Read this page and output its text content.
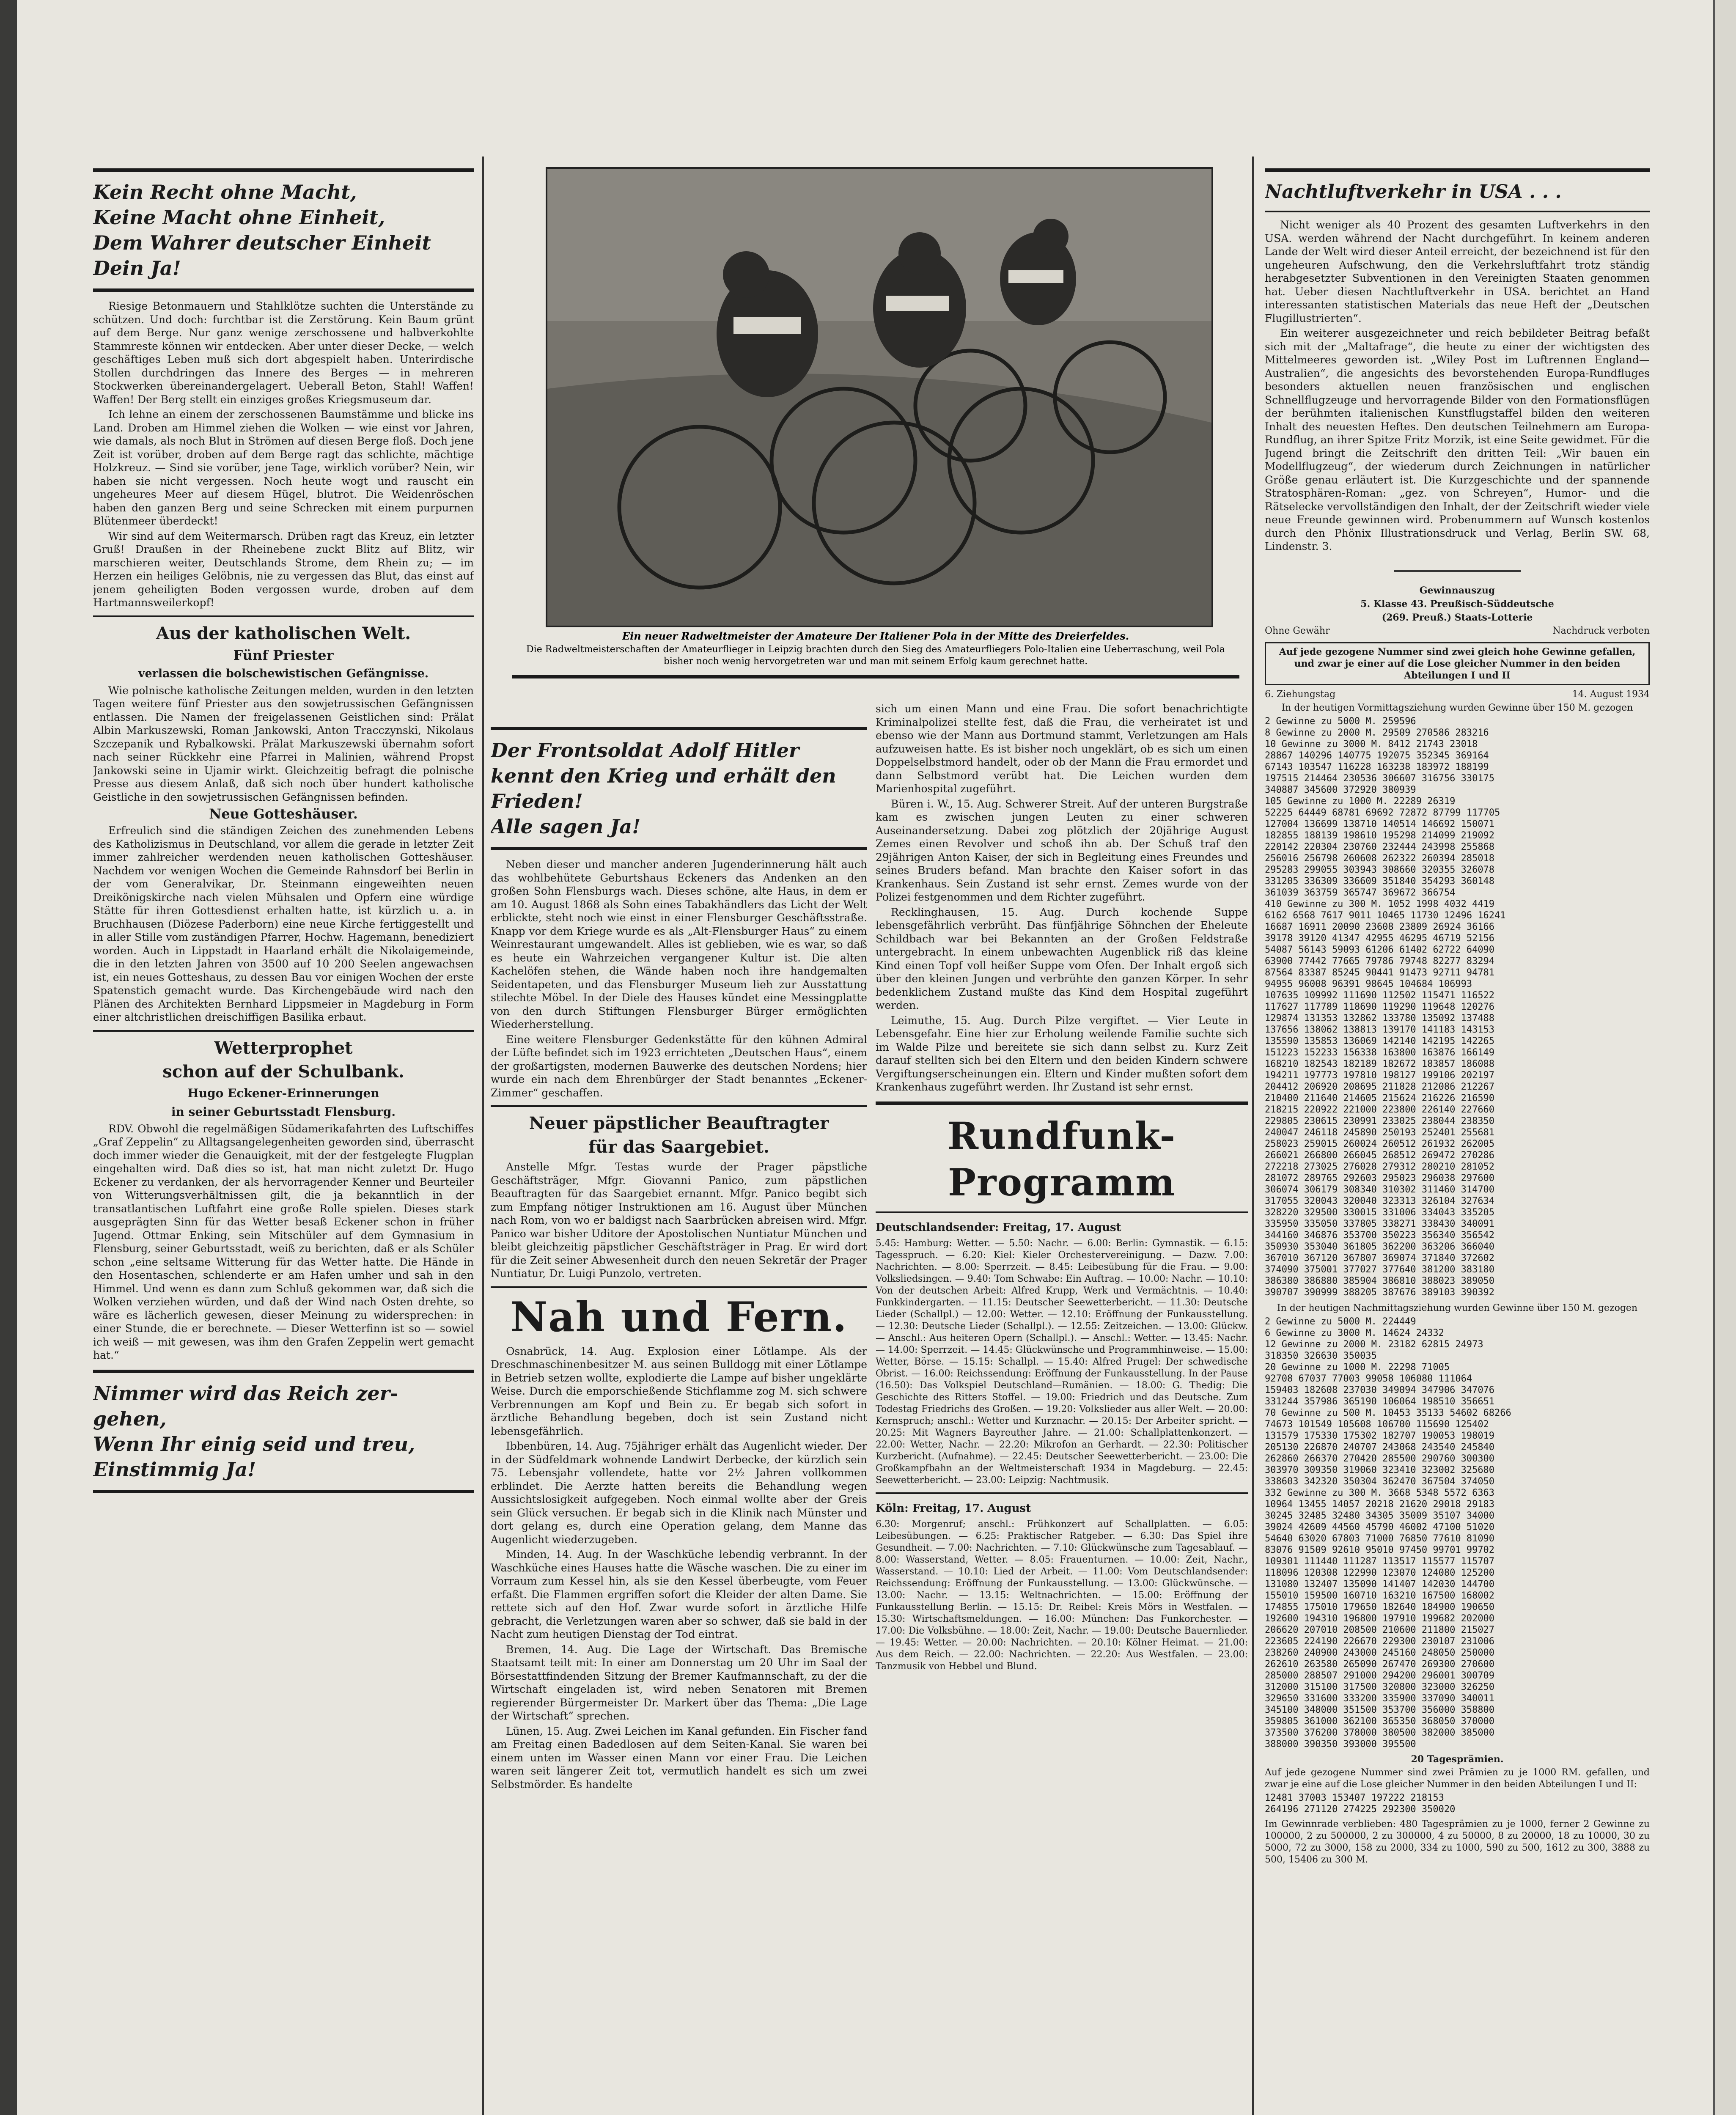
Kein Recht ohne Macht,

Keine Macht ohne Einheit,

Dem Wahrer deutscher Einheit

Dein Ja!

Riesige Betonmauern und Stahlklötze suchten die Unterstände zu schützen. Und doch: furchtbar ist die Zerstörung. Kein Baum grünt auf dem Berge. Nur ganz wenige zerschossene und halbverkohlte Stammreste können wir entdecken. Aber unter dieser Decke, — welch geschäftiges Leben muß sich dort abgespielt haben. Unterirdische Stollen durchdringen das Innere des Berges — in mehreren Stockwerken übereinandergelagert. Ueberall Beton, Stahl! Waffen! Waffen! Der Berg stellt ein einziges großes Kriegsmuseum dar.

Ich lehne an einem der zerschossenen Baumstämme und blicke ins Land. Droben am Himmel ziehen die Wolken — wie einst vor Jahren, wie damals, als noch Blut in Strömen auf diesen Berge floß. Doch jene Zeit ist vorüber, droben auf dem Berge ragt das schlichte, mächtige Holzkreuz. — Sind sie vorüber, jene Tage, wirklich vorüber? Nein, wir haben sie nicht vergessen. Noch heute wogt und rauscht ein ungeheures Meer auf diesem Hügel, blutrot. Die Weidenröschen haben den ganzen Berg und seine Schrecken mit einem purpurnen Blütenmeer überdeckt!

Wir sind auf dem Weitermarsch. Drüben ragt das Kreuz, ein letzter Gruß! Draußen in der Rheinebene zuckt Blitz auf Blitz, wir marschieren weiter, Deutschlands Strome, dem Rhein zu; — im Herzen ein heiliges Gelöbnis, nie zu vergessen das Blut, das einst auf jenem geheiligten Boden vergossen wurde, droben auf dem Hartmannsweilerkopf!

Aus der katholischen Welt.
Fünf Priester
verlassen die bolschewistischen Gefängnisse.

Wie polnische katholische Zeitungen melden, wurden in den letzten Tagen weitere fünf Priester aus den sowjetrussischen Gefängnissen entlassen. Die Namen der freigelassenen Geistlichen sind: Prälat Albin Markuszewski, Roman Jankowski, Anton Tracczynski, Nikolaus Szczepanik und Rybalkowski. Prälat Markuszewski übernahm sofort nach seiner Rückkehr eine Pfarrei in Malinien, während Propst Jankowski seine in Ujamir wirkt. Gleichzeitig befragt die polnische Presse aus diesem Anlaß, daß sich noch über hundert katholische Geistliche in den sowjetrussischen Gefängnissen befinden.

Neue Gotteshäuser.

Erfreulich sind die ständigen Zeichen des zunehmenden Lebens des Katholizismus in Deutschland, vor allem die gerade in letzter Zeit immer zahlreicher werdenden neuen katholischen Gotteshäuser. Nachdem vor wenigen Wochen die Gemeinde Rahnsdorf bei Berlin in der vom Generalvikar, Dr. Steinmann eingeweihten neuen Dreikönigskirche nach vielen Mühsalen und Opfern eine würdige Stätte für ihren Gottesdienst erhalten hatte, ist kürzlich u. a. in Bruchhausen (Diözese Paderborn) eine neue Kirche fertiggestellt und in aller Stille vom zuständigen Pfarrer, Hochw. Hagemann, benediziert worden. Auch in Lippstadt in Haarland erhält die Nikolaigemeinde, die in den letzten Jahren von 3500 auf 10 200 Seelen angewachsen ist, ein neues Gotteshaus, zu dessen Bau vor einigen Wochen der erste Spatenstich gemacht wurde. Das Kirchengebäude wird nach den Plänen des Architekten Bernhard Lippsmeier in Magdeburg in Form einer altchristlichen dreischiffigen Basilika erbaut.

Wetterprophet
schon auf der Schulbank.
Hugo Eckener-Erinnerungen
in seiner Geburtsstadt Flensburg.

RDV. Obwohl die regelmäßigen Südamerikafahrten des Luftschiffes „Graf Zeppelin“ zu Alltagsangelegenheiten geworden sind, überrascht doch immer wieder die Genauigkeit, mit der der festgelegte Flugplan eingehalten wird. Daß dies so ist, hat man nicht zuletzt Dr. Hugo Eckener zu verdanken, der als hervorragender Kenner und Beurteiler von Witterungsverhältnissen gilt, die ja bekanntlich in der transatlantischen Luftfahrt eine große Rolle spielen. Dieses stark ausgeprägten Sinn für das Wetter besaß Eckener schon in früher Jugend. Ottmar Enking, sein Mitschüler auf dem Gymnasium in Flensburg, seiner Geburtsstadt, weiß zu berichten, daß er als Schüler schon „eine seltsame Witterung für das Wetter hatte. Die Hände in den Hosentaschen, schlenderte er am Hafen umher und sah in den Himmel. Und wenn es dann zum Schluß gekommen war, daß sich die Wolken verziehen würden, und daß der Wind nach Osten drehte, so wäre es lächerlich gewesen, dieser Meinung zu widersprechen: in einer Stunde, die er berechnete. — Dieser Wetterfinn ist so — sowiel ich weiß — mit gewesen, was ihm den Grafen Zeppelin wert gemacht hat.“

Nimmer wird das Reich zer-

gehen,

Wenn Ihr einig seid und treu,

Einstimmig Ja!

Ein neuer Radweltmeister der Amateure Der Italiener Pola in der Mitte des Dreierfeldes.
Die Radweltmeisterschaften der Amateurflieger in Leipzig brachten durch den Sieg des Amateurfliegers Polo-Italien eine Ueberraschung, weil Pola bisher noch wenig hervorgetreten war und man mit seinem Erfolg kaum gerechnet hatte.

Der Frontsoldat Adolf Hitler

kennt den Krieg und erhält den

Frieden!

Alle sagen Ja!

Neben dieser und mancher anderen Jugenderinnerung hält auch das wohlbehütete Geburtshaus Eckeners das Andenken an den großen Sohn Flensburgs wach. Dieses schöne, alte Haus, in dem er am 10. August 1868 als Sohn eines Tabakhändlers das Licht der Welt erblickte, steht noch wie einst in einer Flensburger Geschäftsstraße. Knapp vor dem Kriege wurde es als „Alt-Flensburger Haus“ zu einem Weinrestaurant umgewandelt. Alles ist geblieben, wie es war, so daß es heute ein Wahrzeichen vergangener Kultur ist. Die alten Kachelöfen stehen, die Wände haben noch ihre handgemalten Seidentapeten, und das Flensburger Museum lieh zur Ausstattung stilechte Möbel. In der Diele des Hauses kündet eine Messingplatte von den durch Stiftungen Flensburger Bürger ermöglichten Wiederherstellung.

Eine weitere Flensburger Gedenkstätte für den kühnen Admiral der Lüfte befindet sich im 1923 errichteten „Deutschen Haus“, einem der großartigsten, modernen Bauwerke des deutschen Nordens; hier wurde ein nach dem Ehrenbürger der Stadt benanntes „Eckener-Zimmer“ geschaffen.

Neuer päpstlicher Beauftragter
für das Saargebiet.

Anstelle Mfgr. Testas wurde der Prager päpstliche Geschäftsträger, Mfgr. Giovanni Panico, zum päpstlichen Beauftragten für das Saargebiet ernannt. Mfgr. Panico begibt sich zum Empfang nötiger Instruktionen am 16. August über München nach Rom, von wo er baldigst nach Saarbrücken abreisen wird. Mfgr. Panico war bisher Uditore der Apostolischen Nuntiatur München und bleibt gleichzeitig päpstlicher Geschäftsträger in Prag. Er wird dort für die Zeit seiner Abwesenheit durch den neuen Sekretär der Prager Nuntiatur, Dr. Luigi Punzolo, vertreten.

Nah und Fern.

Osnabrück, 14. Aug. Explosion einer Lötlampe. Als der Dreschmaschinenbesitzer M. aus seinen Bulldogg mit einer Lötlampe in Betrieb setzen wollte, explodierte die Lampe auf bisher ungeklärte Weise. Durch die emporschießende Stichflamme zog M. sich schwere Verbrennungen am Kopf und Bein zu. Er begab sich sofort in ärztliche Behandlung begeben, doch ist sein Zustand nicht lebensgefährlich.

Ibbenbüren, 14. Aug. 75jähriger erhält das Augenlicht wieder. Der in der Südfeldmark wohnende Landwirt Derbecke, der kürzlich sein 75. Lebensjahr vollendete, hatte vor 2½ Jahren vollkommen erblindet. Die Aerzte hatten bereits die Behandlung wegen Aussichtslosigkeit aufgegeben. Noch einmal wollte aber der Greis sein Glück versuchen. Er begab sich in die Klinik nach Münster und dort gelang es, durch eine Operation gelang, dem Manne das Augenlicht wiederzugeben.

Minden, 14. Aug. In der Waschküche lebendig verbrannt. In der Waschküche eines Hauses hatte die Wäsche waschen. Die zu einer im Vorraum zum Kessel hin, als sie den Kessel überbeugte, vom Feuer erfaßt. Die Flammen ergriffen sofort die Kleider der alten Dame. Sie rettete sich auf den Hof. Zwar wurde sofort in ärztliche Hilfe gebracht, die Verletzungen waren aber so schwer, daß sie bald in der Nacht zum heutigen Dienstag der Tod eintrat.

Bremen, 14. Aug. Die Lage der Wirtschaft. Das Bremische Staatsamt teilt mit: In einer am Donnerstag um 20 Uhr im Saal der Börsestattfindenden Sitzung der Bremer Kaufmannschaft, zu der die Wirtschaft eingeladen ist, wird neben Senatoren mit Bremen regierender Bürgermeister Dr. Markert über das Thema: „Die Lage der Wirtschaft“ sprechen.

Lünen, 15. Aug. Zwei Leichen im Kanal gefunden. Ein Fischer fand am Freitag einen Badedlosen auf dem Seiten-Kanal. Sie waren bei einem unten im Wasser einen Mann vor einer Frau. Die Leichen waren seit längerer Zeit tot, vermutlich handelt es sich um zwei Selbstmörder. Es handelte

sich um einen Mann und eine Frau. Die sofort benachrichtigte Kriminalpolizei stellte fest, daß die Frau, die verheiratet ist und ebenso wie der Mann aus Dortmund stammt, Verletzungen am Hals aufzuweisen hatte. Es ist bisher noch ungeklärt, ob es sich um einen Doppelselbstmord handelt, oder ob der Mann die Frau ermordet und dann Selbstmord verübt hat. Die Leichen wurden dem Marienhospital zugeführt.

Büren i. W., 15. Aug. Schwerer Streit. Auf der unteren Burgstraße kam es zwischen jungen Leuten zu einer schweren Auseinandersetzung. Dabei zog plötzlich der 20jährige August Zemes einen Revolver und schoß ihn ab. Der Schuß traf den 29jährigen Anton Kaiser, der sich in Begleitung eines Freundes und seines Bruders befand. Man brachte den Kaiser sofort in das Krankenhaus. Sein Zustand ist sehr ernst. Zemes wurde von der Polizei festgenommen und dem Richter zugeführt.

Recklinghausen, 15. Aug. Durch kochende Suppe lebensgefährlich verbrüht. Das fünfjährige Söhnchen der Eheleute Schildbach war bei Bekannten an der Großen Feldstraße untergebracht. In einem unbewachten Augenblick riß das kleine Kind einen Topf voll heißer Suppe vom Ofen. Der Inhalt ergoß sich über den kleinen Jungen und verbrühte den ganzen Körper. In sehr bedenklichem Zustand mußte das Kind dem Hospital zugeführt werden.

Leimuthe, 15. Aug. Durch Pilze vergiftet. — Vier Leute in Lebensgefahr. Eine hier zur Erholung weilende Familie suchte sich im Walde Pilze und bereitete sie sich dann selbst zu. Kurz Zeit darauf stellten sich bei den Eltern und den beiden Kindern schwere Vergiftungserscheinungen ein. Eltern und Kinder mußten sofort dem Krankenhaus zugeführt werden. Ihr Zustand ist sehr ernst.

Rundfunk-Programm
Deutschlandsender: Freitag, 17. August

5.45: Hamburg: Wetter. — 5.50: Nachr. — 6.00: Berlin: Gymnastik. — 6.15: Tagesspruch. — 6.20: Kiel: Kieler Orchestervereinigung. — Dazw. 7.00: Nachrichten. — 8.00: Sperrzeit. — 8.45: Leibesübung für die Frau. — 9.00: Volksliedsingen. — 9.40: Tom Schwabe: Ein Auftrag. — 10.00: Nachr. — 10.10: Von der deutschen Arbeit: Alfred Krupp, Werk und Vermächtnis. — 10.40: Funkkindergarten. — 11.15: Deutscher Seewetterbericht. — 11.30: Deutsche Lieder (Schallpl.) — 12.00: Wetter. — 12.10: Eröffnung der Funkausstellung. — 12.30: Deutsche Lieder (Schallpl.). — 12.55: Zeitzeichen. — 13.00: Glückw. — Anschl.: Aus heiteren Opern (Schallpl.). — Anschl.: Wetter. — 13.45: Nachr. — 14.00: Sperrzeit. — 14.45: Glückwünsche und Programmhinweise. — 15.00: Wetter, Börse. — 15.15: Schallpl. — 15.40: Alfred Prugel: Der schwedische Obrist. — 16.00: Reichssendung: Eröffnung der Funkausstellung. In der Pause (16.50): Das Volkspiel Deutschland—Rumänien. — 18.00: G. Thedig: Die Geschichte des Ritters Stoffel. — 19.00: Friedrich und das Deutsche. Zum Todestag Friedrichs des Großen. — 19.20: Volkslieder aus aller Welt. — 20.00: Kernspruch; anschl.: Wetter und Kurznachr. — 20.15: Der Arbeiter spricht. — 20.25: Mit Wagners Bayreuther Jahre. — 21.00: Schallplattenkonzert. — 22.00: Wetter, Nachr. — 22.20: Mikrofon an Gerhardt. — 22.30: Politischer Kurzbericht. (Aufnahme). — 22.45: Deutscher Seewetterbericht. — 23.00: Die Großkampfbahn an der Weltmeisterschaft 1934 in Magdeburg. — 22.45: Seewetterbericht. — 23.00: Leipzig: Nachtmusik.

Köln: Freitag, 17. August

6.30: Morgenruf; anschl.: Frühkonzert auf Schallplatten. — 6.05: Leibesübungen. — 6.25: Praktischer Ratgeber. — 6.30: Das Spiel ihre Gesundheit. — 7.00: Nachrichten. — 7.10: Glückwünsche zum Tagesablauf. — 8.00: Wasserstand, Wetter. — 8.05: Frauenturnen. — 10.00: Zeit, Nachr., Wasserstand. — 10.10: Lied der Arbeit. — 11.00: Vom Deutschlandsender: Reichssendung: Eröffnung der Funkausstellung. — 13.00: Glückwünsche. — 13.00: Nachr. — 13.15: Weltnachrichten. — 15.00: Eröffnung der Funkausstellung Berlin. — 15.15: Dr. Reibel: Kreis Mörs in Westfalen. — 15.30: Wirtschaftsmeldungen. — 16.00: München: Das Funkorchester. — 17.00: Die Volksbühne. — 18.00: Zeit, Nachr. — 19.00: Deutsche Bauernlieder. — 19.45: Wetter. — 20.00: Nachrichten. — 20.10: Kölner Heimat. — 21.00: Aus dem Reich. — 22.00: Nachrichten. — 22.20: Aus Westfalen. — 23.00: Tanzmusik von Hebbel und Blund.

Nachtluftverkehr in USA . . .

Nicht weniger als 40 Prozent des gesamten Luftverkehrs in den USA. werden während der Nacht durchgeführt. In keinem anderen Lande der Welt wird dieser Anteil erreicht, der bezeichnend ist für den ungeheuren Aufschwung, den die Verkehrsluftfahrt trotz ständig herabgesetzter Subventionen in den Vereinigten Staaten genommen hat. Ueber diesen Nachtluftverkehr in USA. berichtet an Hand interessanten statistischen Materials das neue Heft der „Deutschen Flugillustrierten“.

Ein weiterer ausgezeichneter und reich bebildeter Beitrag befaßt sich mit der „Maltafrage“, die heute zu einer der wichtigsten des Mittelmeeres geworden ist. „Wiley Post im Luftrennen England—Australien“, die angesichts des bevorstehenden Europa-Rundfluges besonders aktuellen neuen französischen und englischen Schnellflugzeuge und hervorragende Bilder von den Formationsflügen der berühmten italienischen Kunstflugstaffel bilden den weiteren Inhalt des neuesten Heftes. Den deutschen Teilnehmern am Europa-Rundflug, an ihrer Spitze Fritz Morzik, ist eine Seite gewidmet. Für die Jugend bringt die Zeitschrift den dritten Teil: „Wir bauen ein Modellflugzeug“, der wiederum durch Zeichnungen in natürlicher Größe genau erläutert ist. Die Kurzgeschichte und der spannende Stratosphären-Roman: „gez. von Schreyen“, Humor- und die Rätselecke vervollständigen den Inhalt, der der Zeitschrift wieder viele neue Freunde gewinnen wird. Probenummern auf Wunsch kostenlos durch den Phönix Illustrationsdruck und Verlag, Berlin SW. 68, Lindenstr. 3.

Gewinnauszug
5. Klasse 43. Preußisch-Süddeutsche
(269. Preuß.) Staats-Lotterie
Ohne Gewähr	Nachdruck verboten
Auf jede gezogene Nummer sind zwei gleich hohe Gewinne gefallen, und zwar je einer auf die Lose gleicher Nummer in den beiden Abteilungen I und II
6. Ziehungstag	14. August 1934
In der heutigen Vormittagsziehung wurden Gewinne über 150 M. gezogen
2 Gewinne zu 5000 M. 259596
8 Gewinne zu 2000 M. 29509 270586 283216
10 Gewinne zu 3000 M. 8412 21743 23018
28867 140296 140775 192075 352345 369164
67143 103547 116228 163238 183972 188199
197515 214464 230536 306607 316756 330175
340887 345600 372920 380939
105 Gewinne zu 1000 M. 22289 26319
52225 64449 68781 69692 72872 87799 117705
127004 136699 138710 140514 146692 150071
182855 188139 198610 195298 214099 219092
220142 220304 230760 232444 243998 255868
256016 256798 260608 262322 260394 285018
295283 299055 303943 308660 320355 326078
331205 336309 336609 351840 354293 360148
361039 363759 365747 369672 366754
410 Gewinne zu 300 M. 1052 1998 4032 4419
6162 6568 7617 9011 10465 11730 12496 16241
16687 16911 20090 23608 23809 26924 36166
39178 39120 41347 42955 46295 46719 52156
54087 56143 59093 61206 61402 62722 64090
63900 77442 77665 79786 79748 82277 83294
87564 83387 85245 90441 91473 92711 94781
94955 96008 96391 98645 104684 106993
107635 109992 111690 112502 115471 116522
117627 117789 118690 119290 119648 120276
129874 131353 132862 133780 135092 137488
137656 138062 138813 139170 141183 143153
135590 135853 136069 142140 142195 142265
151223 152233 156338 163800 163876 166149
168210 182543 182189 182672 183857 186088
194211 197773 197810 198127 199106 202197
204412 206920 208695 211828 212086 212267
210400 211640 214605 215624 216226 216590
218215 220922 221000 223800 226140 227660
229805 230615 230991 233025 238044 238350
240047 246118 245890 250193 252401 255681
258023 259015 260024 260512 261932 262005
266021 266800 266045 268512 269472 270286
272218 273025 276028 279312 280210 281052
281072 289765 292603 295023 296038 297600
306074 306179 308340 310302 311460 314700
317055 320043 320040 323313 326104 327634
328220 329500 330015 331006 334043 335205
335950 335050 337805 338271 338430 340091
344160 346876 353700 350223 356340 356542
350930 353040 361805 362200 363206 366040
367010 367120 367807 369074 371840 372602
374090 375001 377027 377640 381200 383180
386380 386880 385904 386810 388023 389050
390707 390999 388205 387676 389103 390392
In der heutigen Nachmittagsziehung wurden Gewinne über 150 M. gezogen
2 Gewinne zu 5000 M. 224449
6 Gewinne zu 3000 M. 14624 24332
12 Gewinne zu 2000 M. 23182 62815 24973
318350 326630 350035
20 Gewinne zu 1000 M. 22298 71005
92708 67037 77003 99058 106080 111064
159403 182608 237030 349094 347906 347076
331244 357986 365190 106064 198510 356651
70 Gewinne zu 500 M. 10453 35133 54602 68266
74673 101549 105608 106700 115690 125402
131579 175330 175302 182707 190053 198019
205130 226870 240707 243068 243540 245840
262860 266370 270420 285500 290760 300300
303970 309350 319060 323410 323002 325680
338603 342320 350304 362470 367504 374050
332 Gewinne zu 300 M. 3668 5348 5572 6363
10964 13455 14057 20218 21620 29018 29183
30245 32485 32480 34305 35009 35107 34000
39024 42609 44560 45790 46002 47100 51020
54640 63020 67803 71000 76850 77610 81090
83076 91509 92610 95010 97450 99701 99702
109301 111440 111287 113517 115577 115707
118096 120308 122990 123070 124080 125200
131080 132407 135090 141407 142030 144700
155010 159500 160710 163210 167500 168002
174855 175010 179650 182640 184900 190650
192600 194310 196800 197910 199682 202000
206620 207010 208500 210600 211800 215027
223605 224190 226670 229300 230107 231006
238260 240900 243000 245160 248050 250000
262610 263580 265090 267470 269300 270600
285000 288507 291000 294200 296001 300709
312000 315100 317500 320800 323000 326250
329650 331600 333200 335900 337090 340011
345100 348000 351500 353700 356000 358800
359805 361000 362100 365350 368050 370000
373500 376200 378000 380500 382000 385000
388000 390350 393000 395500
20 Tagesprämien.

Auf jede gezogene Nummer sind zwei Prämien zu je 1000 RM. gefallen, und zwar je eine auf die Lose gleicher Nummer in den beiden Abteilungen I und II:

12481 37003 153407 197222 218153
264196 271120 274225 292300 350020

Im Gewinnrade verblieben: 480 Tagesprämien zu je 1000, ferner 2 Gewinne zu 100000, 2 zu 500000, 2 zu 300000, 4 zu 50000, 8 zu 20000, 18 zu 10000, 30 zu 5000, 72 zu 3000, 158 zu 2000, 334 zu 1000, 590 zu 500, 1612 zu 300, 3888 zu 500, 15406 zu 300 M.
